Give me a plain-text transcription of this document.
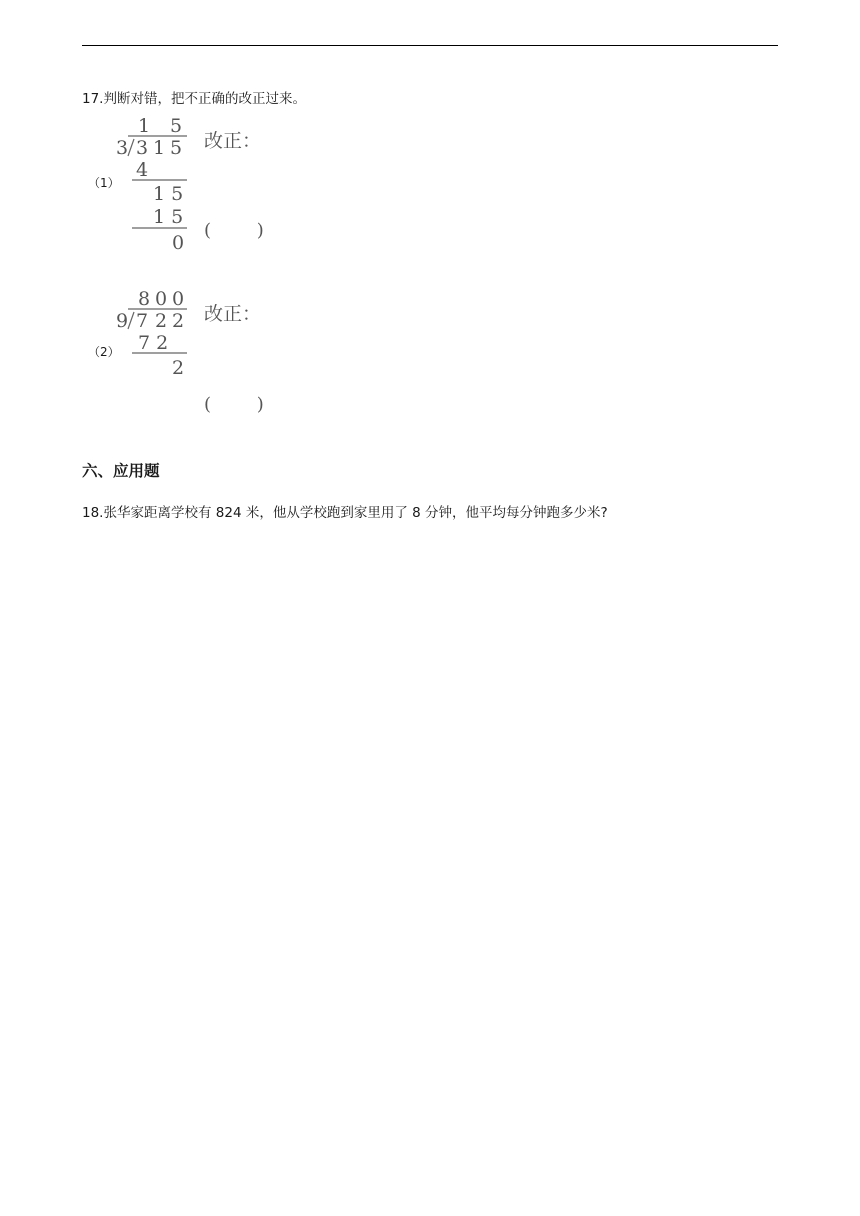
17.判断对错，把不正确的改正过来。
（1）
1 5
3 3 1 5
4
1 5
1 5
0
改正：
(        )
（2）
8 0 0
9 7 2 2
7 2
2
改正：
(        )
六、应用题
18.张华家距离学校有 824 米，他从学校跑到家里用了 8 分钟，他平均每分钟跑多少米?
